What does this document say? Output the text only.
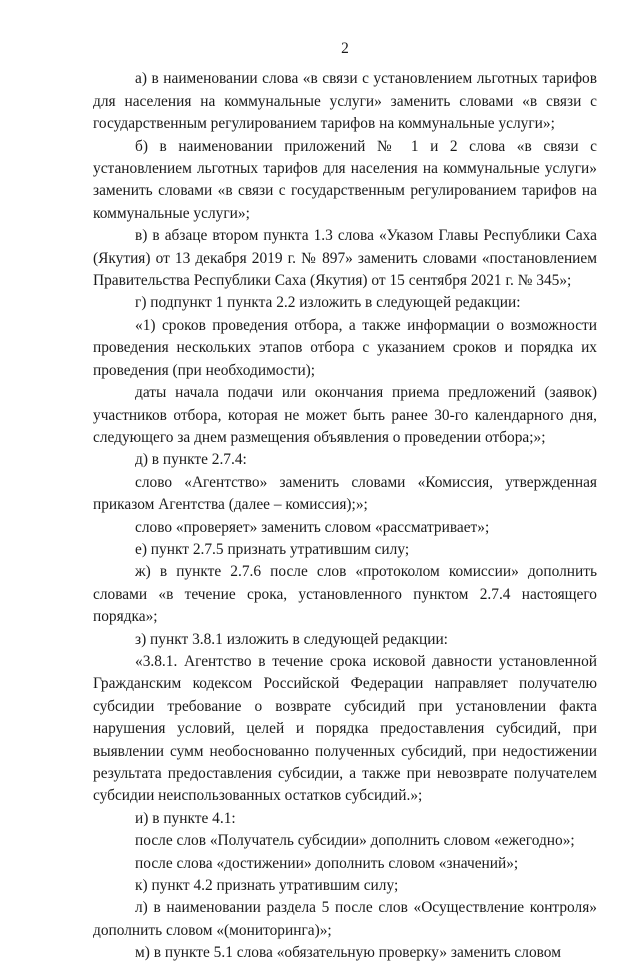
2

а) в наименовании слова «в связи с установлением льготных тарифов для населения на коммунальные услуги» заменить словами «в связи с государственным регулированием тарифов на коммунальные услуги»;

б) в наименовании приложений № 1 и 2 слова «в связи с установлением льготных тарифов для населения на коммунальные услуги» заменить словами «в связи с государственным регулированием тарифов на коммунальные услуги»;

в) в абзаце втором пункта 1.3 слова «Указом Главы Республики Саха (Якутия) от 13 декабря 2019 г. № 897» заменить словами «постановлением Правительства Республики Саха (Якутия) от 15 сентября 2021 г. № 345»;

г) подпункт 1 пункта 2.2 изложить в следующей редакции:

«1) сроков проведения отбора, а также информации о возможности проведения нескольких этапов отбора с указанием сроков и порядка их проведения (при необходимости);

даты начала подачи или окончания приема предложений (заявок) участников отбора, которая не может быть ранее 30-го календарного дня, следующего за днем размещения объявления о проведении отбора;»;

д) в пункте 2.7.4:

слово «Агентство» заменить словами «Комиссия, утвержденная приказом Агентства (далее – комиссия);»;

слово «проверяет» заменить словом «рассматривает»;

е) пункт 2.7.5 признать утратившим силу;

ж) в пункте 2.7.6 после слов «протоколом комиссии» дополнить словами «в течение срока, установленного пунктом 2.7.4 настоящего порядка»;

з) пункт 3.8.1 изложить в следующей редакции:

«3.8.1. Агентство в течение срока исковой давности установленной Гражданским кодексом Российской Федерации направляет получателю субсидии требование о возврате субсидий при установлении факта нарушения условий, целей и порядка предоставления субсидий, при выявлении сумм необоснованно полученных субсидий, при недостижении результата предоставления субсидии, а также при невозврате получателем субсидии неиспользованных остатков субсидий.»;

и) в пункте 4.1:

после слов «Получатель субсидии» дополнить словом «ежегодно»;

после слова «достижении» дополнить словом «значений»;

к) пункт 4.2 признать утратившим силу;

л) в наименовании раздела 5 после слов «Осуществление контроля» дополнить словом «(мониторинга)»;

м) в пункте 5.1 слова «обязательную проверку» заменить словом
